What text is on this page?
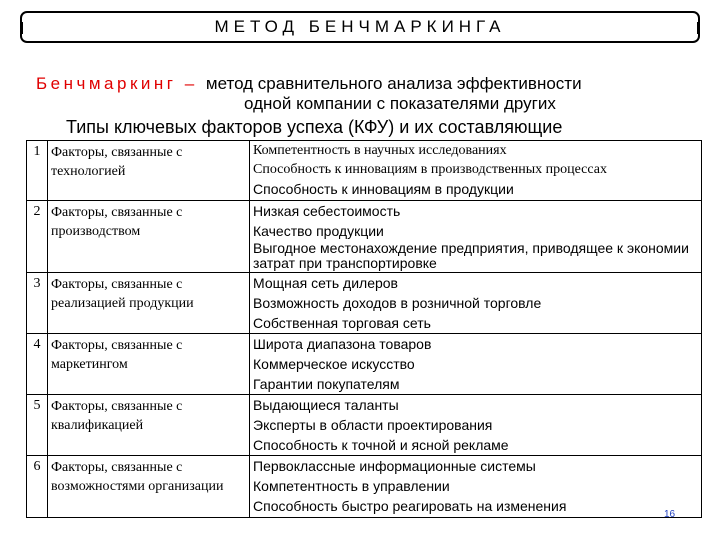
МЕТОД БЕНЧМАРКИНГА
Бенчмаркинг – метод сравнительного анализа эффективности
одной компании с показателями других
Типы ключевых факторов успеха (КФУ) и их составляющие
1	Факторы, связанные с технологией	Компетентность в научных исследованиях
Способность к инновациям в производственных процессах
Способность к инновациям в продукции

2	Факторы, связанные с производством	Низкая себестоимость
Качество продукции
Выгодное местонахождение предприятия, приводящее к экономии затрат при транспортировке

3	Факторы, связанные с реализацией продукции	Мощная сеть дилеров
Возможность доходов в розничной торговле
Собственная торговая сеть

4	Факторы, связанные с маркетингом	Широта диапазона товаров
Коммерческое искусство
Гарантии покупателям

5	Факторы, связанные с квалификацией	Выдающиеся таланты
Эксперты в области проектирования
Способность к точной и ясной рекламе

6	Факторы, связанные с возможностями организации	Первоклассные информационные системы
Компетентность в управлении
Способность быстро реагировать на изменения
16
